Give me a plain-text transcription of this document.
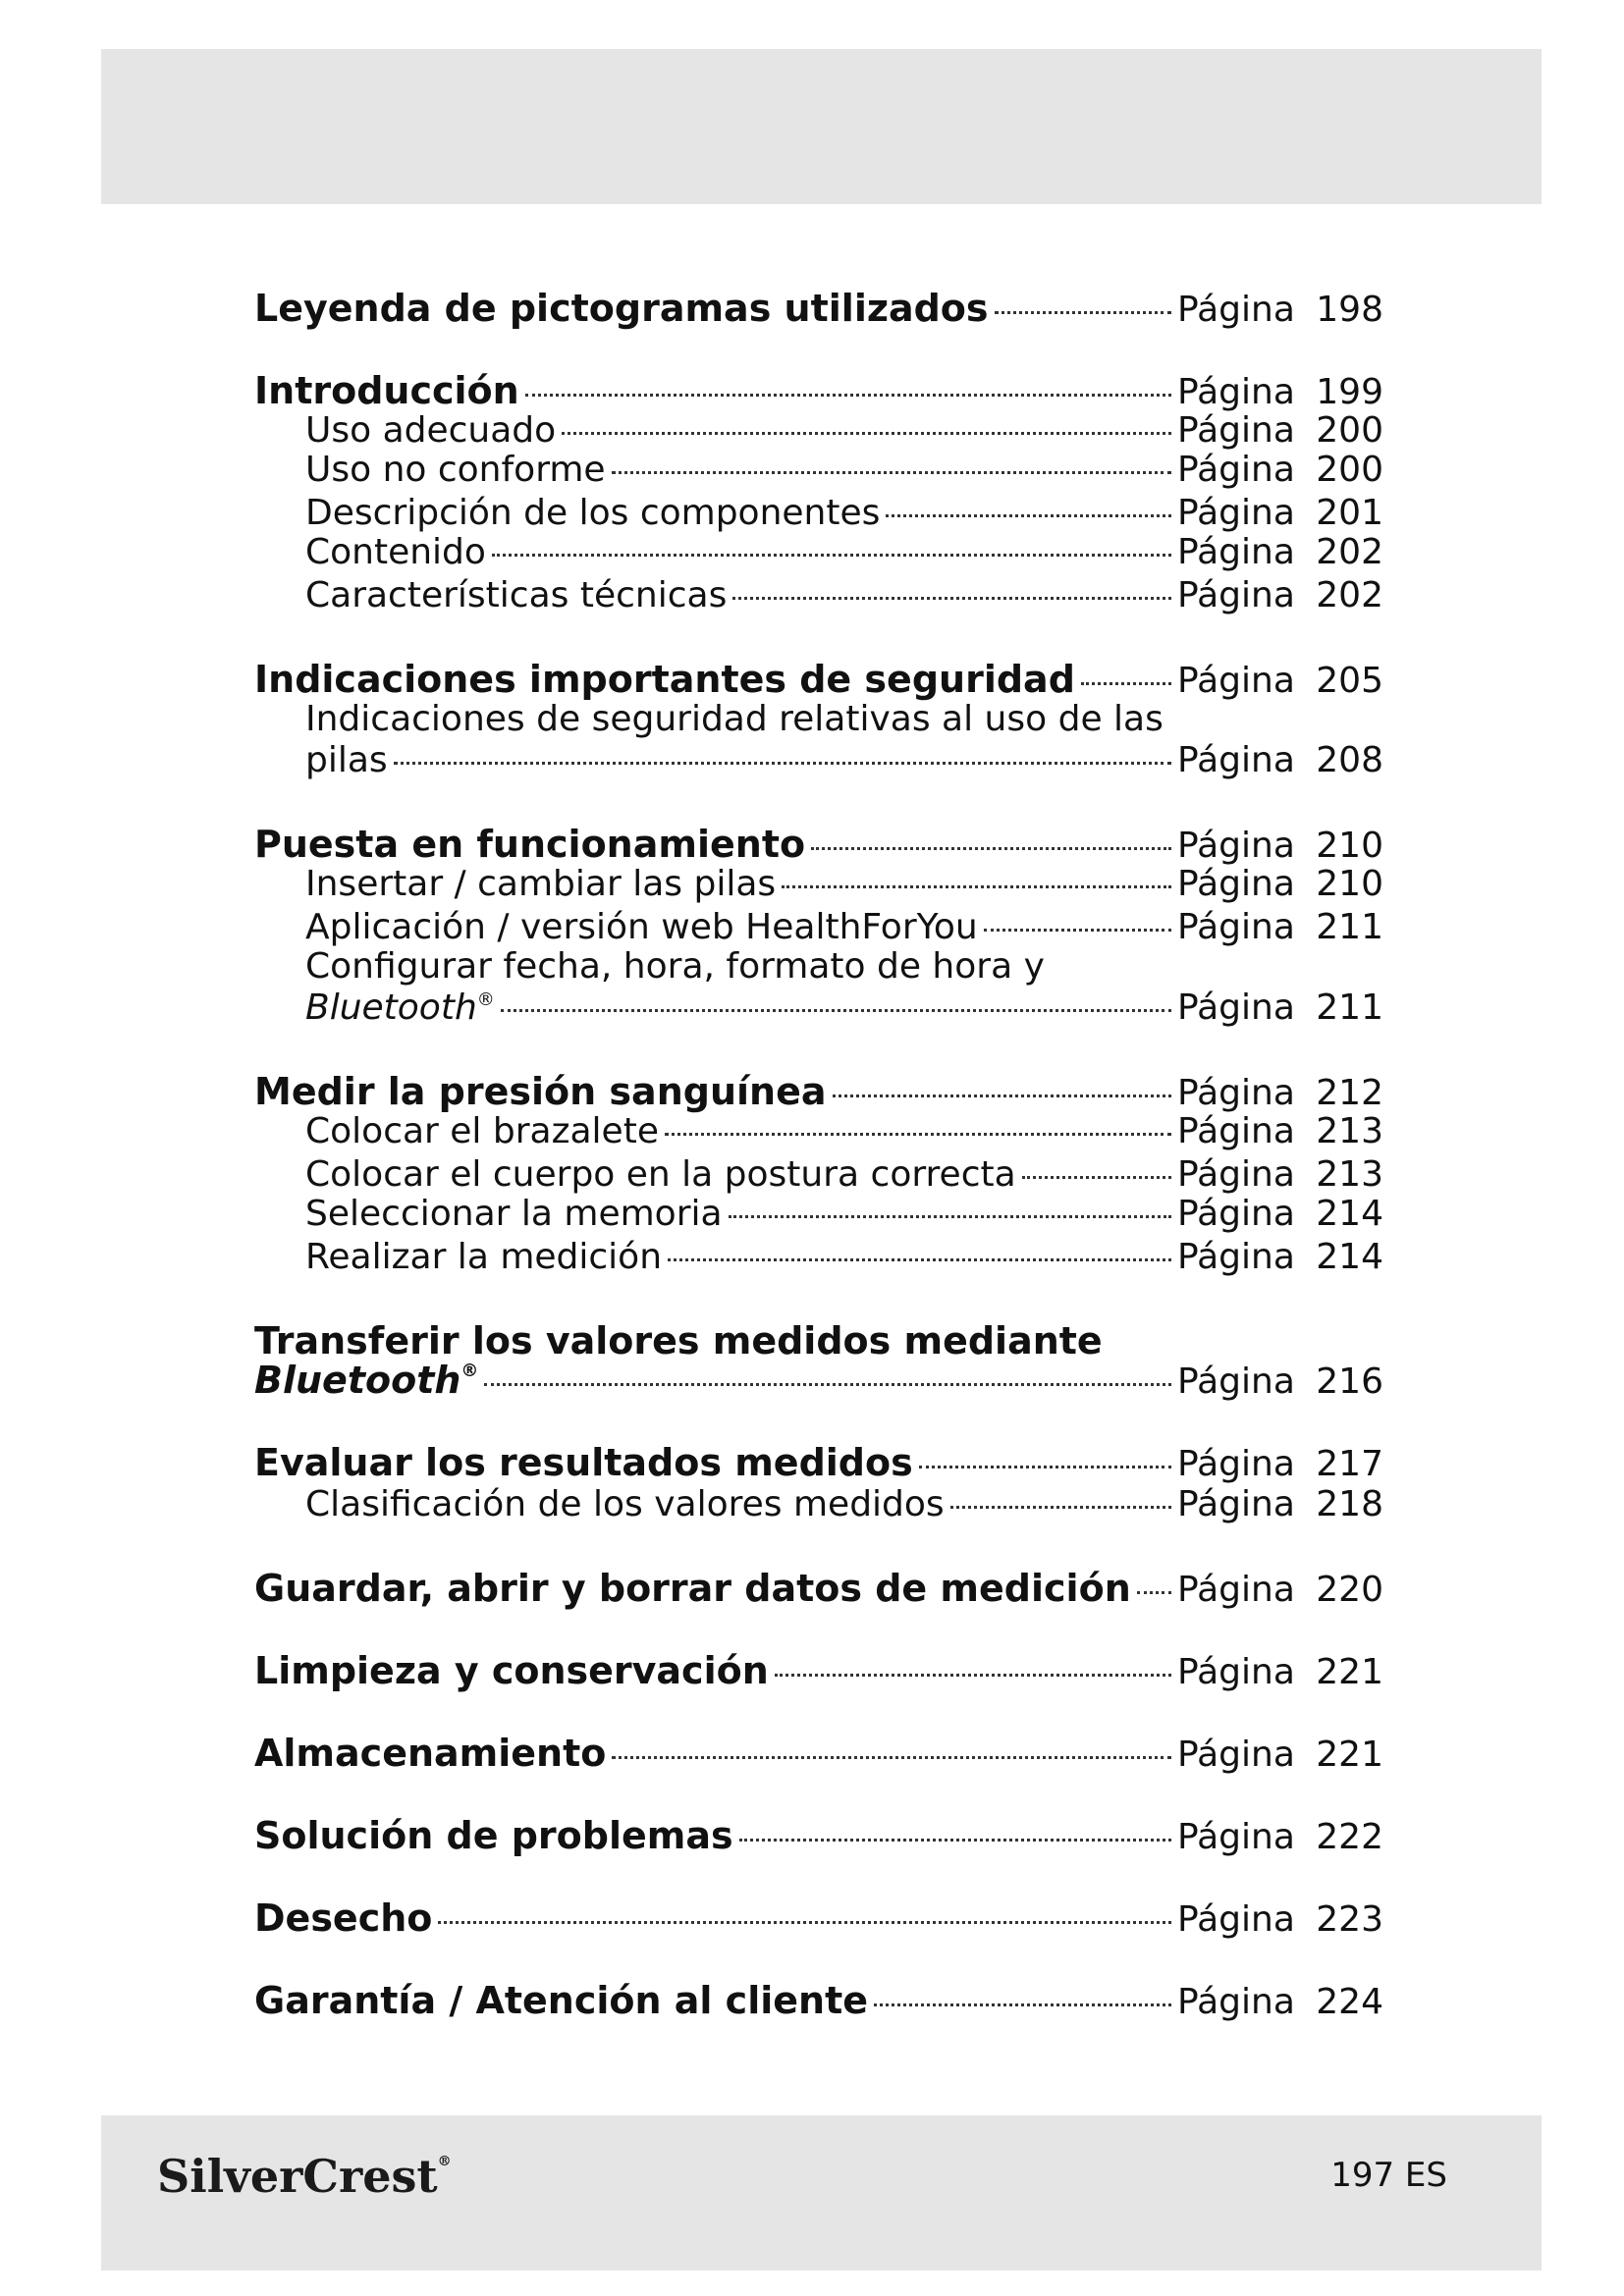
Leyenda de pictogramas utilizados	Página 198
Introducción	Página 199
Uso adecuado	Página 200
Uso no conforme	Página 200
Descripción de los componentes	Página 201
Contenido	Página 202
Características técnicas	Página 202
Indicaciones importantes de seguridad	Página 205
Indicaciones de seguridad relativas al uso de las
pilas	Página 208
Puesta en funcionamiento	Página 210
Insertar / cambiar las pilas	Página 210
Aplicación / versión web HealthForYou	Página 211
Configurar fecha, hora, formato de hora y
Bluetooth®	Página 211
Medir la presión sanguínea	Página 212
Colocar el brazalete	Página 213
Colocar el cuerpo en la postura correcta	Página 213
Seleccionar la memoria	Página 214
Realizar la medición	Página 214
Transferir los valores medidos mediante
Bluetooth®	Página 216
Evaluar los resultados medidos	Página 217
Clasificación de los valores medidos	Página 218
Guardar, abrir y borrar datos de medición Página 220
Limpieza y conservación	Página 221
Almacenamiento	Página 221
Solución de problemas	Página 222
Desecho	Página 223
Garantía / Atención al cliente	Página 224
SilverCrest®	197 ES
